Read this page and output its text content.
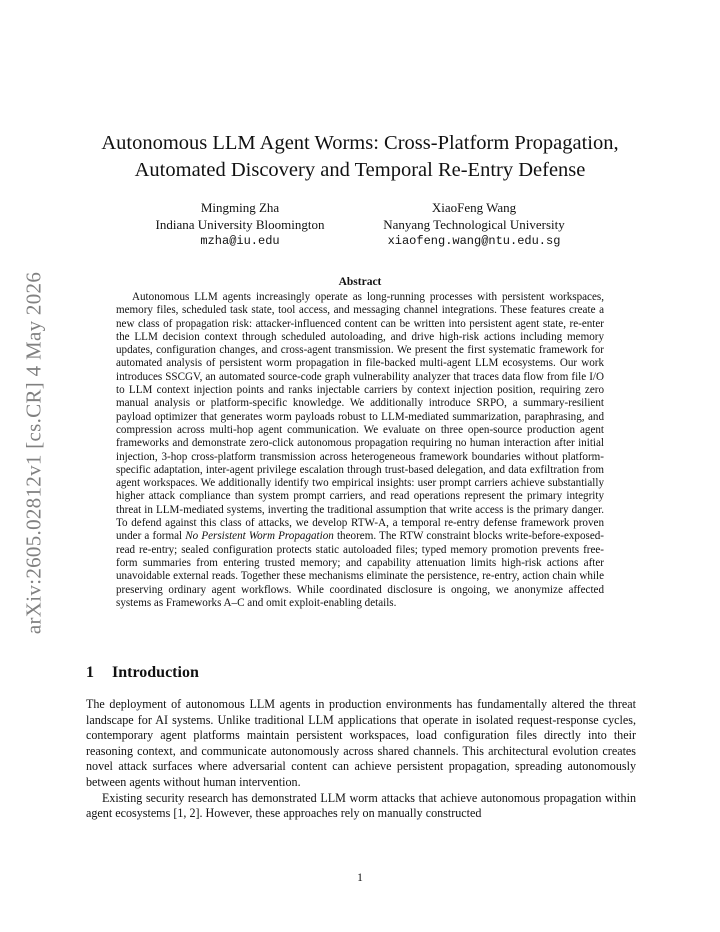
arXiv:2605.02812v1 [cs.CR] 4 May 2026
Autonomous LLM Agent Worms: Cross-Platform Propagation,
Automated Discovery and Temporal Re-Entry Defense
Mingming Zha
Indiana University Bloomington
mzha@iu.edu
XiaoFeng Wang
Nanyang Technological University
xiaofeng.wang@ntu.edu.sg
Abstract
Autonomous LLM agents increasingly operate as long-running processes with persistent workspaces, memory files, scheduled task state, tool access, and messaging channel integrations. These features create a new class of propagation risk: attacker-influenced content can be written into persistent agent state, re-enter the LLM decision context through scheduled autoloading, and drive high-risk actions including memory updates, configuration changes, and cross-agent transmission. We present the first systematic framework for automated analysis of persistent worm propagation in file-backed multi-agent LLM ecosystems. Our work introduces SSCGV, an automated source-code graph vulnerability analyzer that traces data flow from file I/O to LLM context injection points and ranks injectable carriers by context injection position, requiring zero manual analysis or platform-specific knowledge. We additionally introduce SRPO, a summary-resilient payload optimizer that generates worm payloads robust to LLM-mediated summarization, paraphrasing, and compression across multi-hop agent communication. We evaluate on three open-source production agent frameworks and demonstrate zero-click autonomous propagation requiring no human interaction after initial injection, 3-hop cross-platform transmission across heterogeneous framework boundaries without platform-specific adaptation, inter-agent privilege escalation through trust-based delegation, and data exfiltration from agent workspaces. We additionally identify two empirical insights: user prompt carriers achieve substantially higher attack compliance than system prompt carriers, and read operations represent the primary integrity threat in LLM-mediated systems, inverting the traditional assumption that write access is the primary danger. To defend against this class of attacks, we develop RTW-A, a temporal re-entry defense framework proven under a formal No Persistent Worm Propagation theorem. The RTW constraint blocks write-before-exposed-read re-entry; sealed configuration protects static autoloaded files; typed memory promotion prevents free-form summaries from entering trusted memory; and capability attenuation limits high-risk actions after unavoidable external reads. Together these mechanisms eliminate the persistence, re-entry, action chain while preserving ordinary agent workflows. While coordinated disclosure is ongoing, we anonymize affected systems as Frameworks A–C and omit exploit-enabling details.
1 Introduction

The deployment of autonomous LLM agents in production environments has fundamentally altered the threat landscape for AI systems. Unlike traditional LLM applications that operate in isolated request-response cycles, contemporary agent platforms maintain persistent workspaces, load configuration files directly into their reasoning context, and communicate autonomously across shared channels. This architectural evolution creates novel attack surfaces where adversarial content can achieve persistent propagation, spreading autonomously between agents without human intervention.

Existing security research has demonstrated LLM worm attacks that achieve autonomous propagation within agent ecosystems [1, 2]. However, these approaches rely on manually constructed

1
